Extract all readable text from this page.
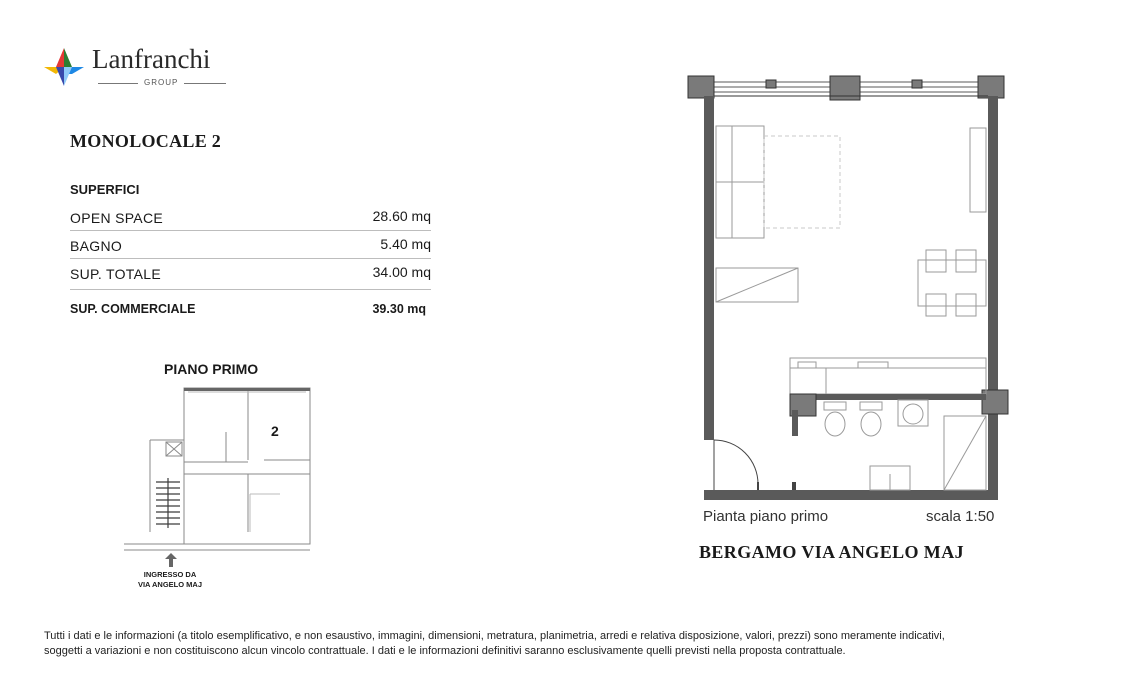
Lanfranchi
GROUP
MONOLOCALE 2
SUPERFICI
OPEN SPACE	28.60 mq
BAGNO	5.40 mq
SUP. TOTALE	34.00 mq
SUP. COMMERCIALE	39.30 mq
PIANO PRIMO
2
INGRESSO DA
VIA ANGELO MAJ
Pianta piano primo	scala 1:50
BERGAMO VIA ANGELO MAJ
Tutti i dati e le informazioni (a titolo esemplificativo, e non esaustivo, immagini, dimensioni, metratura, planimetria, arredi e relativa disposizione, valori, prezzi) sono meramente indicativi,
soggetti a variazioni e non costituiscono alcun vincolo contrattuale. I dati e le informazioni definitivi saranno esclusivamente quelli previsti nella proposta contrattuale.
